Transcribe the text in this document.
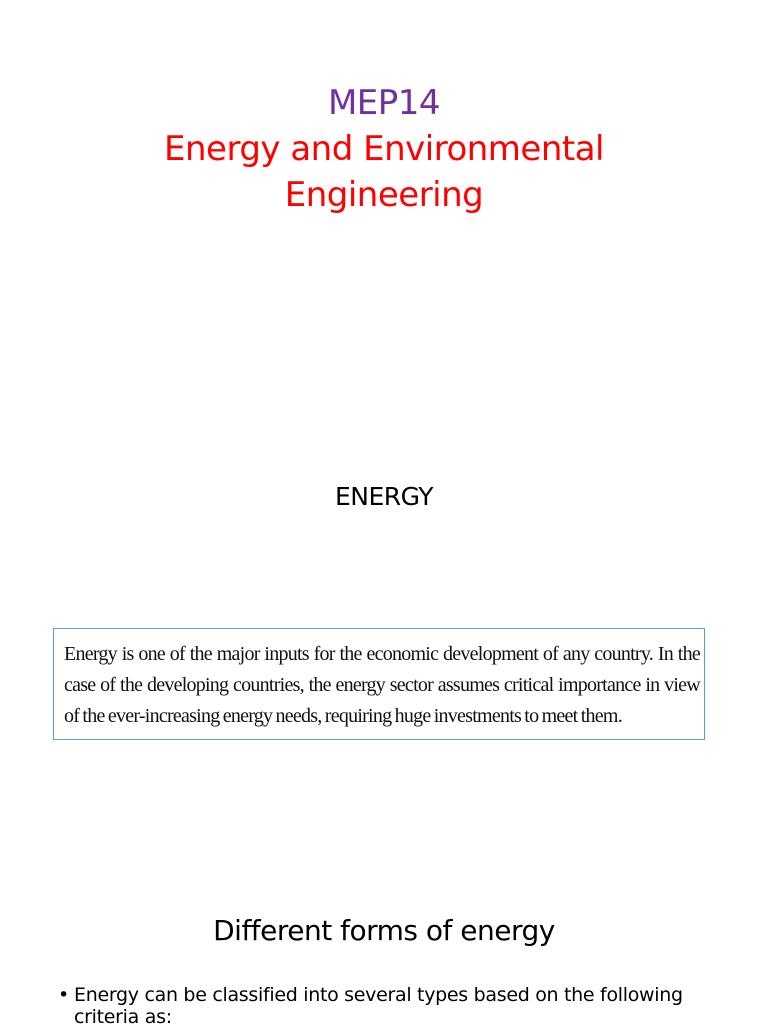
MEP14
Energy and Environmental Engineering
ENERGY

Energy is one of the major inputs for the economic development of any country. In the case of the developing countries, the energy sector assumes critical importance in view of the ever-increasing energy needs, requiring huge investments to meet them.

Different forms of energy
• Energy can be classified into several types based on the following criteria as:
